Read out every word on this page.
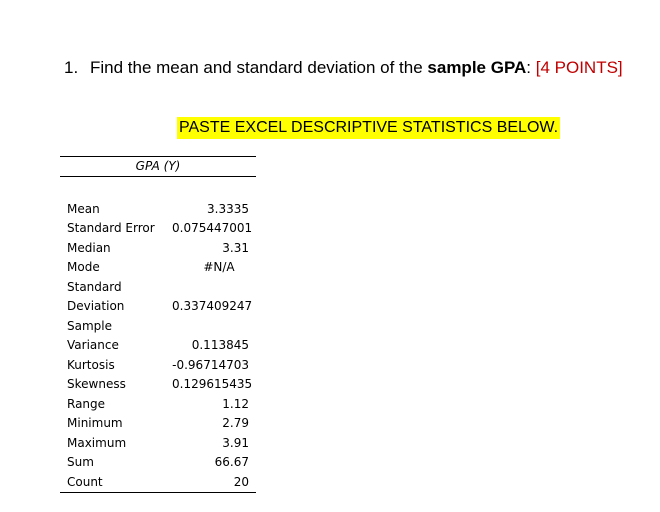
1. Find the mean and standard deviation of the sample GPA: [4 POINTS]
PASTE EXCEL DESCRIPTIVE STATISTICS BELOW.
GPA (Y)
Mean	3.3335
Standard Error	0.075447001
Median	3.31
Mode	#N/A
Standard
Deviation	0.337409247
Sample
Variance	0.113845
Kurtosis	-0.96714703
Skewness	0.129615435
Range	1.12
Minimum	2.79
Maximum	3.91
Sum	66.67
Count	20
